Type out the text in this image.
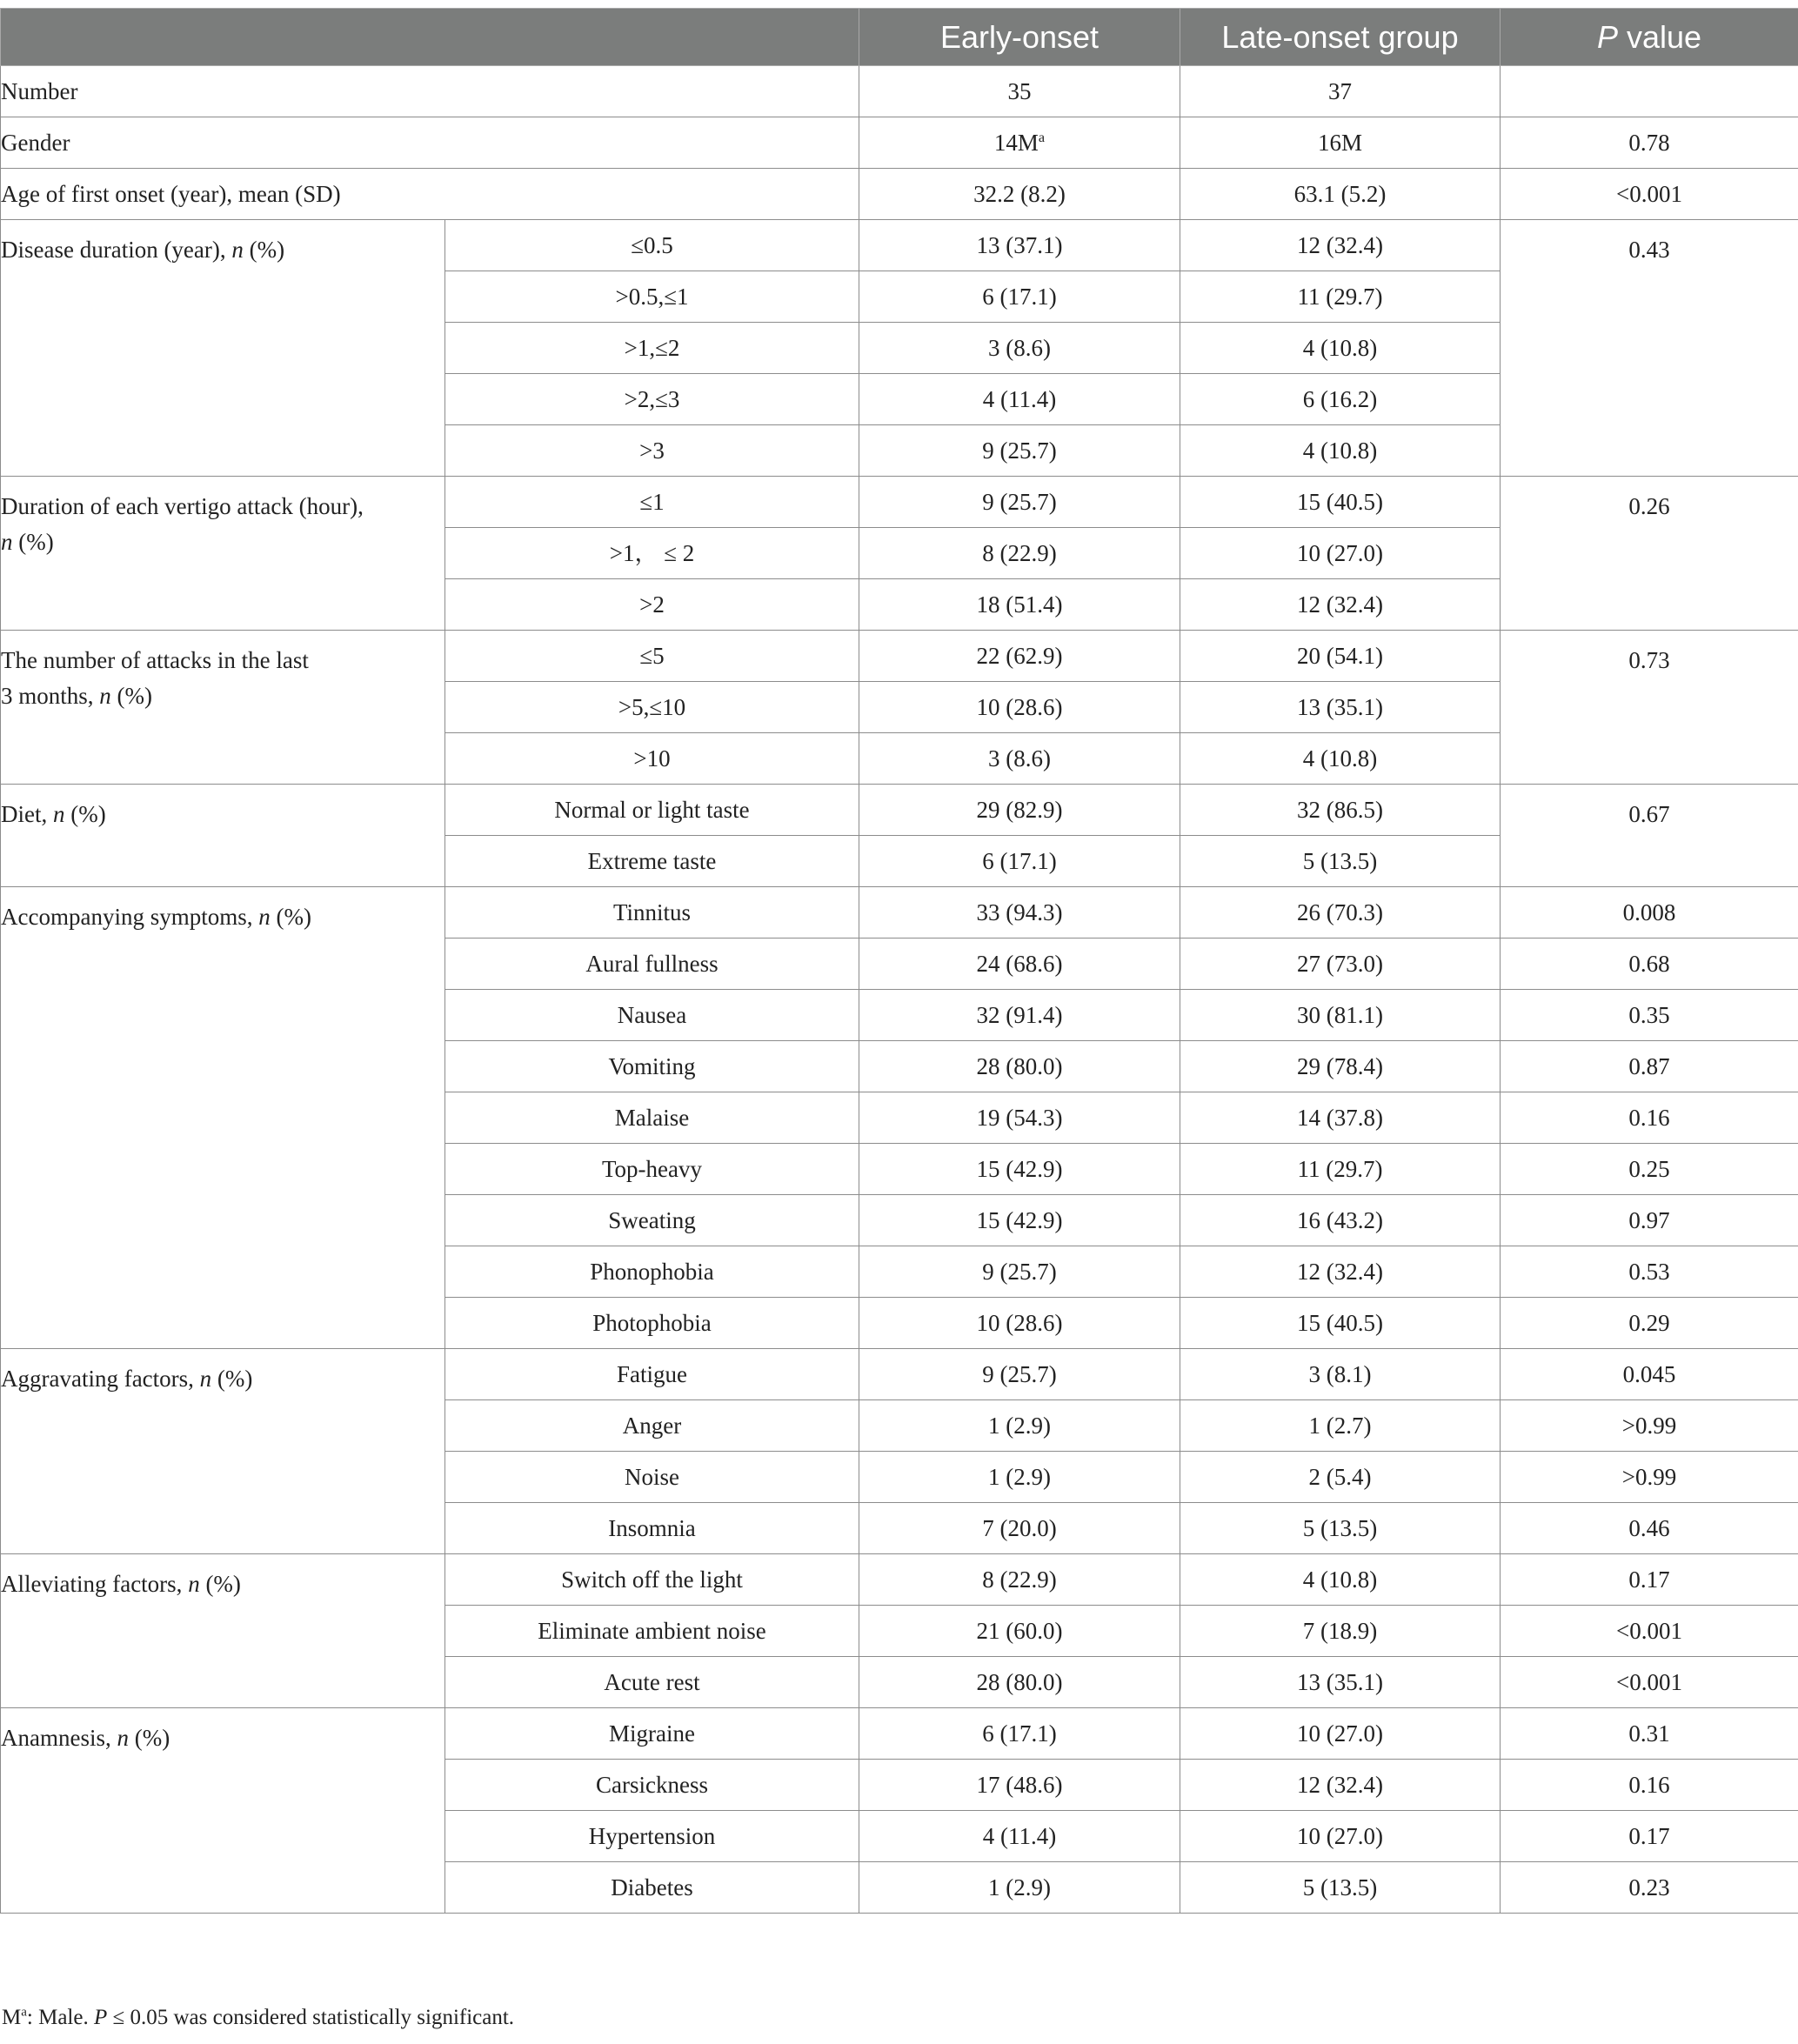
		Early-onset	Late-onset group	P value
Number		35	37	
Gender		$14M^a$	16M	0.78
Age of first onset (year), mean (SD)		32.2 (8.2)	63.1 (5.2)	<0.001
Disease duration (year), n (%)	≤0.5	13 (37.1)	12 (32.4)	0.43
	>0.5,≤1	6 (17.1)	11 (29.7)	
	>1,≤2	3 (8.6)	4 (10.8)	
	>2,≤3	4 (11.4)	6 (16.2)	
	>3	9 (25.7)	4 (10.8)	
Duration of each vertigo attack (hour),
n (%)	≤1	9 (25.7)	15 (40.5)	0.26
	>1， ≤ 2	8 (22.9)	10 (27.0)	
	>2	18 (51.4)	12 (32.4)	
The number of attacks in the last
3 months, n (%)	≤5	22 (62.9)	20 (54.1)	0.73
	>5,≤10	10 (28.6)	13 (35.1)	
	>10	3 (8.6)	4 (10.8)	
Diet, n (%)	Normal or light taste	29 (82.9)	32 (86.5)	0.67
	Extreme taste	6 (17.1)	5 (13.5)	
Accompanying symptoms, n (%)	Tinnitus	33 (94.3)	26 (70.3)	0.008
	Aural fullness	24 (68.6)	27 (73.0)	0.68
	Nausea	32 (91.4)	30 (81.1)	0.35
	Vomiting	28 (80.0)	29 (78.4)	0.87
	Malaise	19 (54.3)	14 (37.8)	0.16
	Top-heavy	15 (42.9)	11 (29.7)	0.25
	Sweating	15 (42.9)	16 (43.2)	0.97
	Phonophobia	9 (25.7)	12 (32.4)	0.53
	Photophobia	10 (28.6)	15 (40.5)	0.29
Aggravating factors, n (%)	Fatigue	9 (25.7)	3 (8.1)	0.045
	Anger	1 (2.9)	1 (2.7)	>0.99
	Noise	1 (2.9)	2 (5.4)	>0.99
	Insomnia	7 (20.0)	5 (13.5)	0.46
Alleviating factors, n (%)	Switch off the light	8 (22.9)	4 (10.8)	0.17
	Eliminate ambient noise	21 (60.0)	7 (18.9)	<0.001
	Acute rest	28 (80.0)	13 (35.1)	<0.001
Anamnesis, n (%)	Migraine	6 (17.1)	10 (27.0)	0.31
	Carsickness	17 (48.6)	12 (32.4)	0.16
	Hypertension	4 (11.4)	10 (27.0)	0.17
	Diabetes	1 (2.9)	5 (13.5)	0.23
$M^a$: Male. P ≤ 0.05 was considered statistically significant.
